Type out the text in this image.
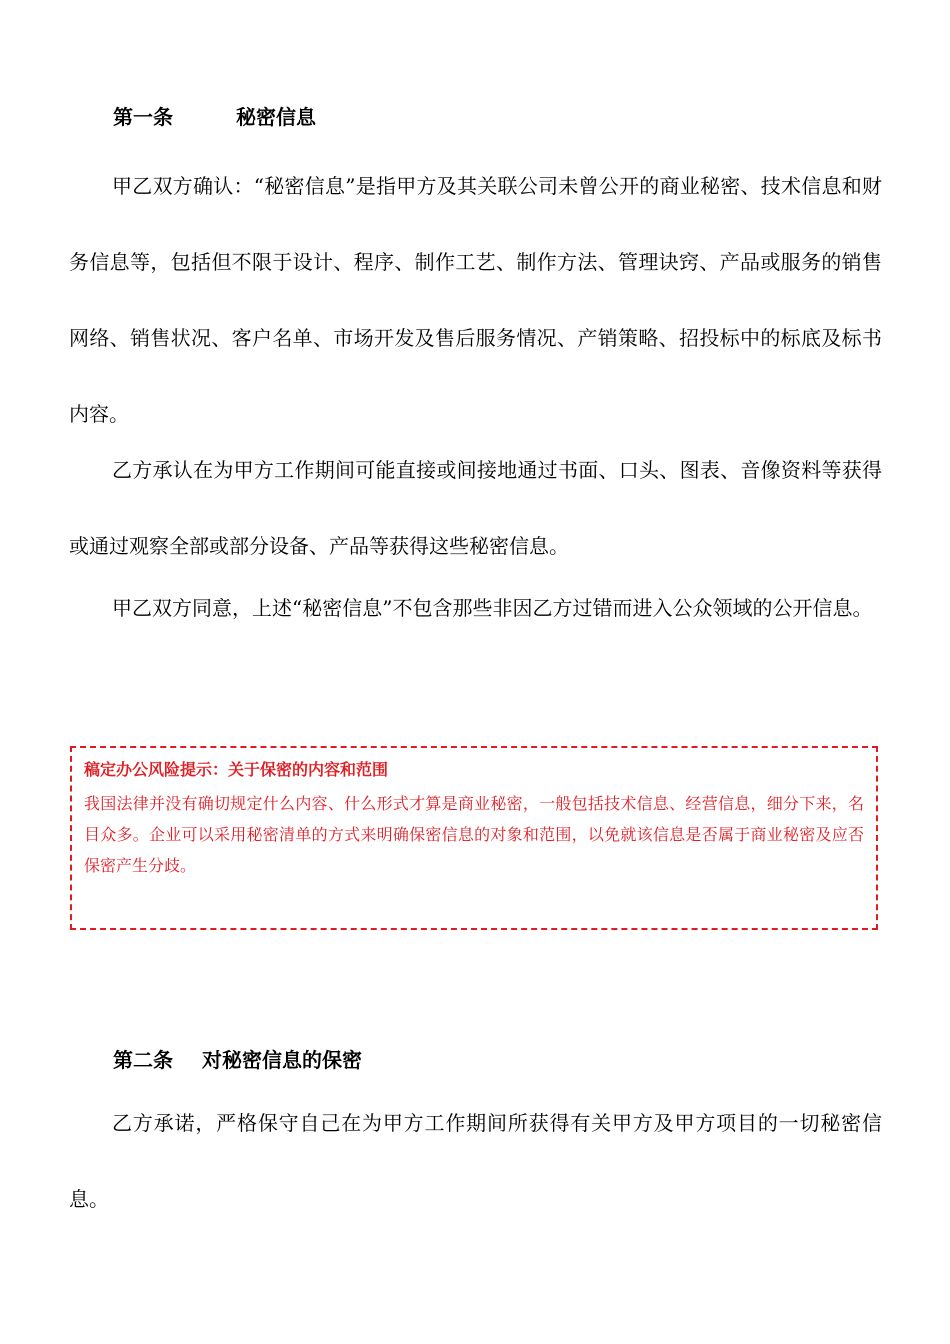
第一条	秘密信息

甲乙双方确认：“秘密信息”是指甲方及其关联公司未曾公开的商业秘密、技术信息和财务信息等，包括但不限于设计、程序、制作工艺、制作方法、管理诀窍、产品或服务的销售网络、销售状况、客户名单、市场开发及售后服务情况、产销策略、招投标中的标底及标书内容。

乙方承认在为甲方工作期间可能直接或间接地通过书面、口头、图表、音像资料等获得或通过观察全部或部分设备、产品等获得这些秘密信息。

甲乙双方同意，上述“秘密信息”不包含那些非因乙方过错而进入公众领域的公开信息。

稿定办公风险提示：关于保密的内容和范围

我国法律并没有确切规定什么内容、什么形式才算是商业秘密，一般包括技术信息、经营信息，细分下来，名目众多。企业可以采用秘密清单的方式来明确保密信息的对象和范围，以免就该信息是否属于商业秘密及应否保密产生分歧。

第二条 对秘密信息的保密

乙方承诺，严格保守自己在为甲方工作期间所获得有关甲方及甲方项目的一切秘密信息。
